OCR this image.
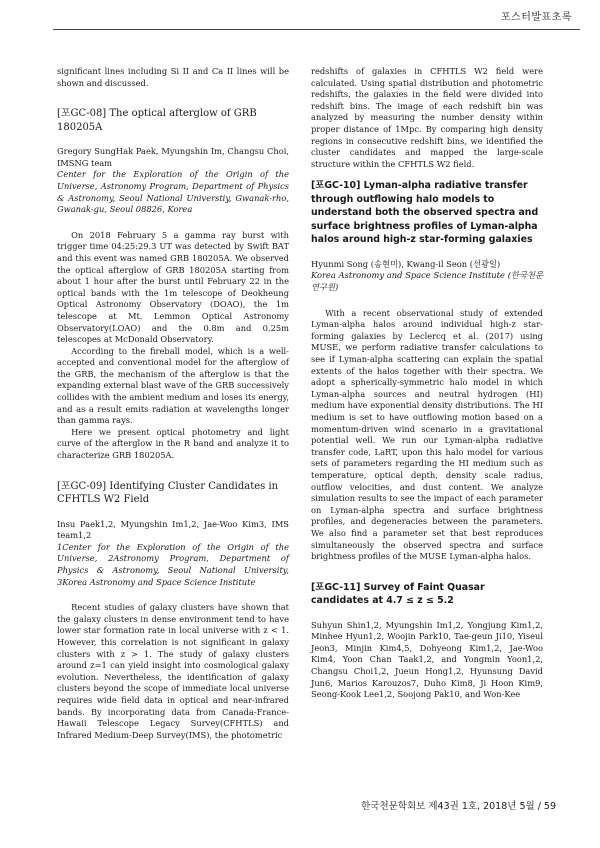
포스터발표초록

significant lines including Si II and Ca II lines will be shown and discussed.

[포GC-08] The optical afterglow of GRB 180205A

Gregory SungHak Paek, Myungshin Im, Changsu Choi, IMSNG team

Center for the Exploration of the Origin of the Universe, Astronomy Program, Department of Physics & Astronomy, Seoul National Universtiy, Gwanak-rho, Gwanak-gu, Seoul 08826, Korea

On 2018 February 5 a gamma ray burst with trigger time 04:25:29.3 UT was detected by Swift BAT and this event was named GRB 180205A. We observed the optical afterglow of GRB 180205A starting from about 1 hour after the burst until February 22 in the optical bands with the 1m telescope of Deokheung Optical Astronomy Observatory (DOAO), the 1m telescope at Mt. Lemmon Optical Astronomy Observatory(LOAO) and the 0.8m and 0.25m telescopes at McDonald Observatory.

According to the fireball model, which is a well-accepted and conventional model for the afterglow of the GRB, the mechanism of the afterglow is that the expanding external blast wave of the GRB successively collides with the ambient medium and loses its energy, and as a result emits radiation at wavelengths longer than gamma rays.

Here we present optical photometry and light curve of the afterglow in the R band and analyze it to characterize GRB 180205A.

[포GC-09] Identifying Cluster Candidates in CFHTLS W2 Field

Insu Paek1,2, Myungshin Im1,2, Jae-Woo Kim3, IMS team1,2

1Center for the Exploration of the Origin of the Universe, 2Astronomy Program, Department of Physics & Astronomy, Seoul National University, 3Korea Astronomy and Space Science Institute

Recent studies of galaxy clusters have shown that the galaxy clusters in dense environment tend to have lower star formation rate in local universe with z < 1. However, this correlation is not significant in galaxy clusters with z > 1. The study of galaxy clusters around z=1 can yield insight into cosmological galaxy evolution. Nevertheless, the identification of galaxy clusters beyond the scope of immediate local universe requires wide field data in optical and near-infrared bands. By incorporating data from Canada-France-Hawaii Telescope Legacy Survey(CFHTLS) and Infrared Medium-Deep Survey(IMS), the photometric

redshifts of galaxies in CFHTLS W2 field were calculated. Using spatial distribution and photometric redshifts, the galaxies in the field were divided into redshift bins. The image of each redshift bin was analyzed by measuring the number density within proper distance of 1Mpc. By comparing high density regions in consecutive redshift bins, we identified the cluster candidates and mapped the large-scale structure within the CFHTLS W2 field.

[포GC-10] Lyman-alpha radiative transfer through outflowing halo models to understand both the observed spectra and surface brightness profiles of Lyman-alpha halos around high-z star-forming galaxies

Hyunmi Song (송현미), Kwang-il Seon (선광일)

Korea Astronomy and Space Science Institute (한국천문연구원)

With a recent observational study of extended Lyman-alpha halos around individual high-z star-forming galaxies by Leclercq et al. (2017) using MUSE, we perform radiative transfer calculations to see if Lyman-alpha scattering can explain the spatial extents of the halos together with their spectra. We adopt a spherically-symmetric halo model in which Lyman-alpha sources and neutral hydrogen (HI) medium have exponential density distributions. The HI medium is set to have outflowing motion based on a momentum-driven wind scenario in a gravitational potential well. We run our Lyman-alpha radiative transfer code, LaRT, upon this halo model for various sets of parameters regarding the HI medium such as temperature, optical depth, density scale radius, outflow velocities, and dust content. We analyze simulation results to see the impact of each parameter on Lyman-alpha spectra and surface brightness profiles, and degeneracies between the parameters. We also find a parameter set that best reproduces simultaneously the observed spectra and surface brightness profiles of the MUSE Lyman-alpha halos.

[포GC-11] Survey of Faint Quasar candidates at 4.7 ≤ z ≤ 5.2

Suhyun Shin1,2, Myungshin Im1,2, Yongjung Kim1,2, Minhee Hyun1,2, Woojin Park10, Tae-geun Ji10, Yiseul Jeon3, Minjin Kim4,5, Dohyeong Kim1,2, Jae-Woo Kim4, Yoon Chan Taak1,2, and Yongmin Yoon1,2, Changsu Choi1,2, Jueun Hong1,2, Hyunsung David Jun6, Marios Karouzos7, Duho Kim8, Ji Hoon Kim9, Seong-Kook Lee1,2, Soojong Pak10, and Won-Kee

한국천문학회보 제43권 1호, 2018년 5월 / 59
